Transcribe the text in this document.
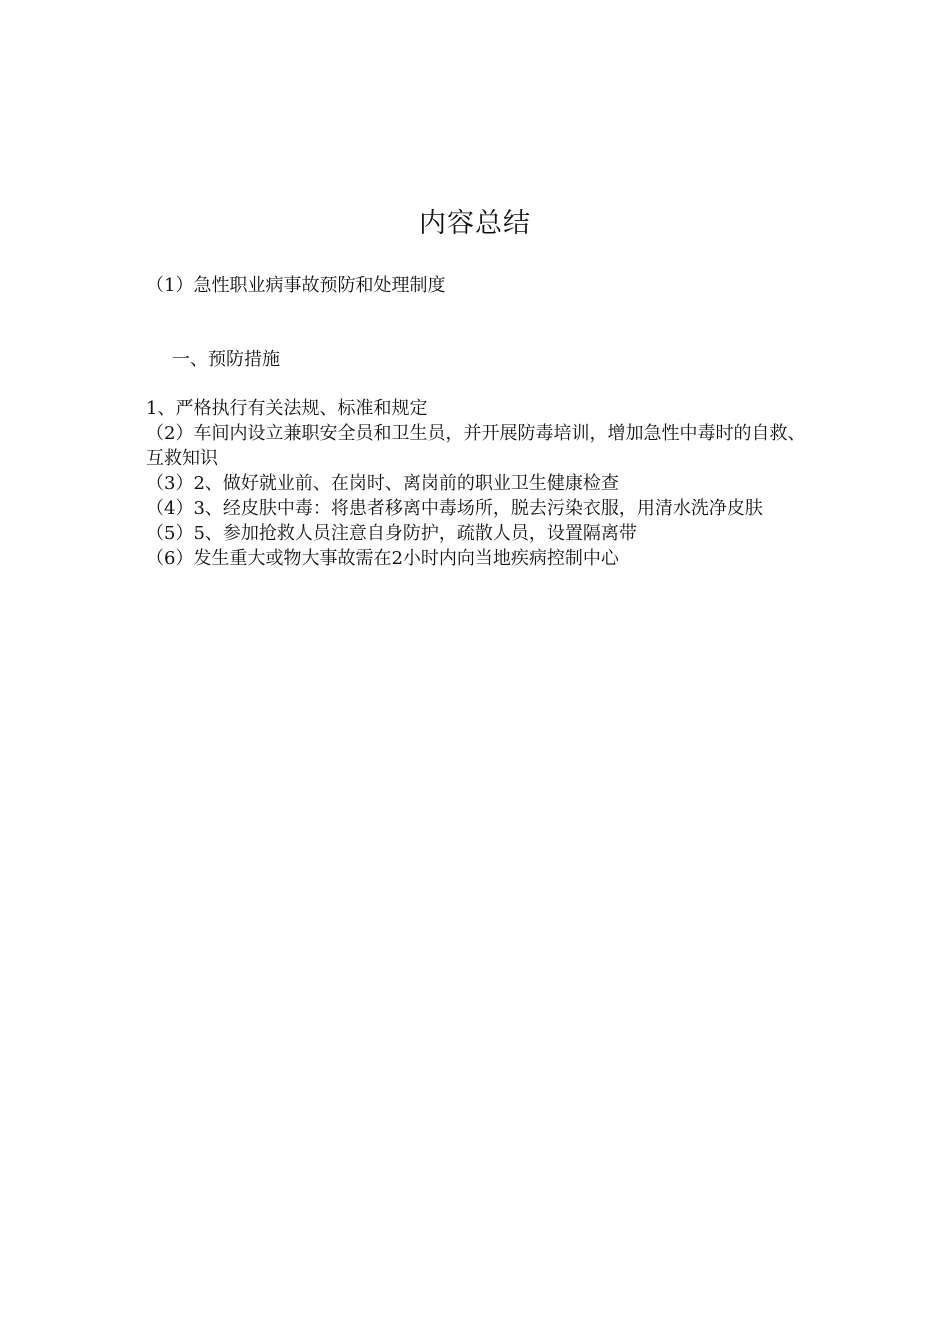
内容总结
（1）急性职业病事故预防和处理制度
一、预防措施

1、严格执行有关法规、标准和规定

（2）车间内设立兼职安全员和卫生员，并开展防毒培训，增加急性中毒时的自救、互救知识

（3）2、做好就业前、在岗时、离岗前的职业卫生健康检查

（4）3、经皮肤中毒：将患者移离中毒场所，脱去污染衣服，用清水洗净皮肤

（5）5、参加抢救人员注意自身防护，疏散人员，设置隔离带

（6）发生重大或物大事故需在2小时内向当地疾病控制中心
